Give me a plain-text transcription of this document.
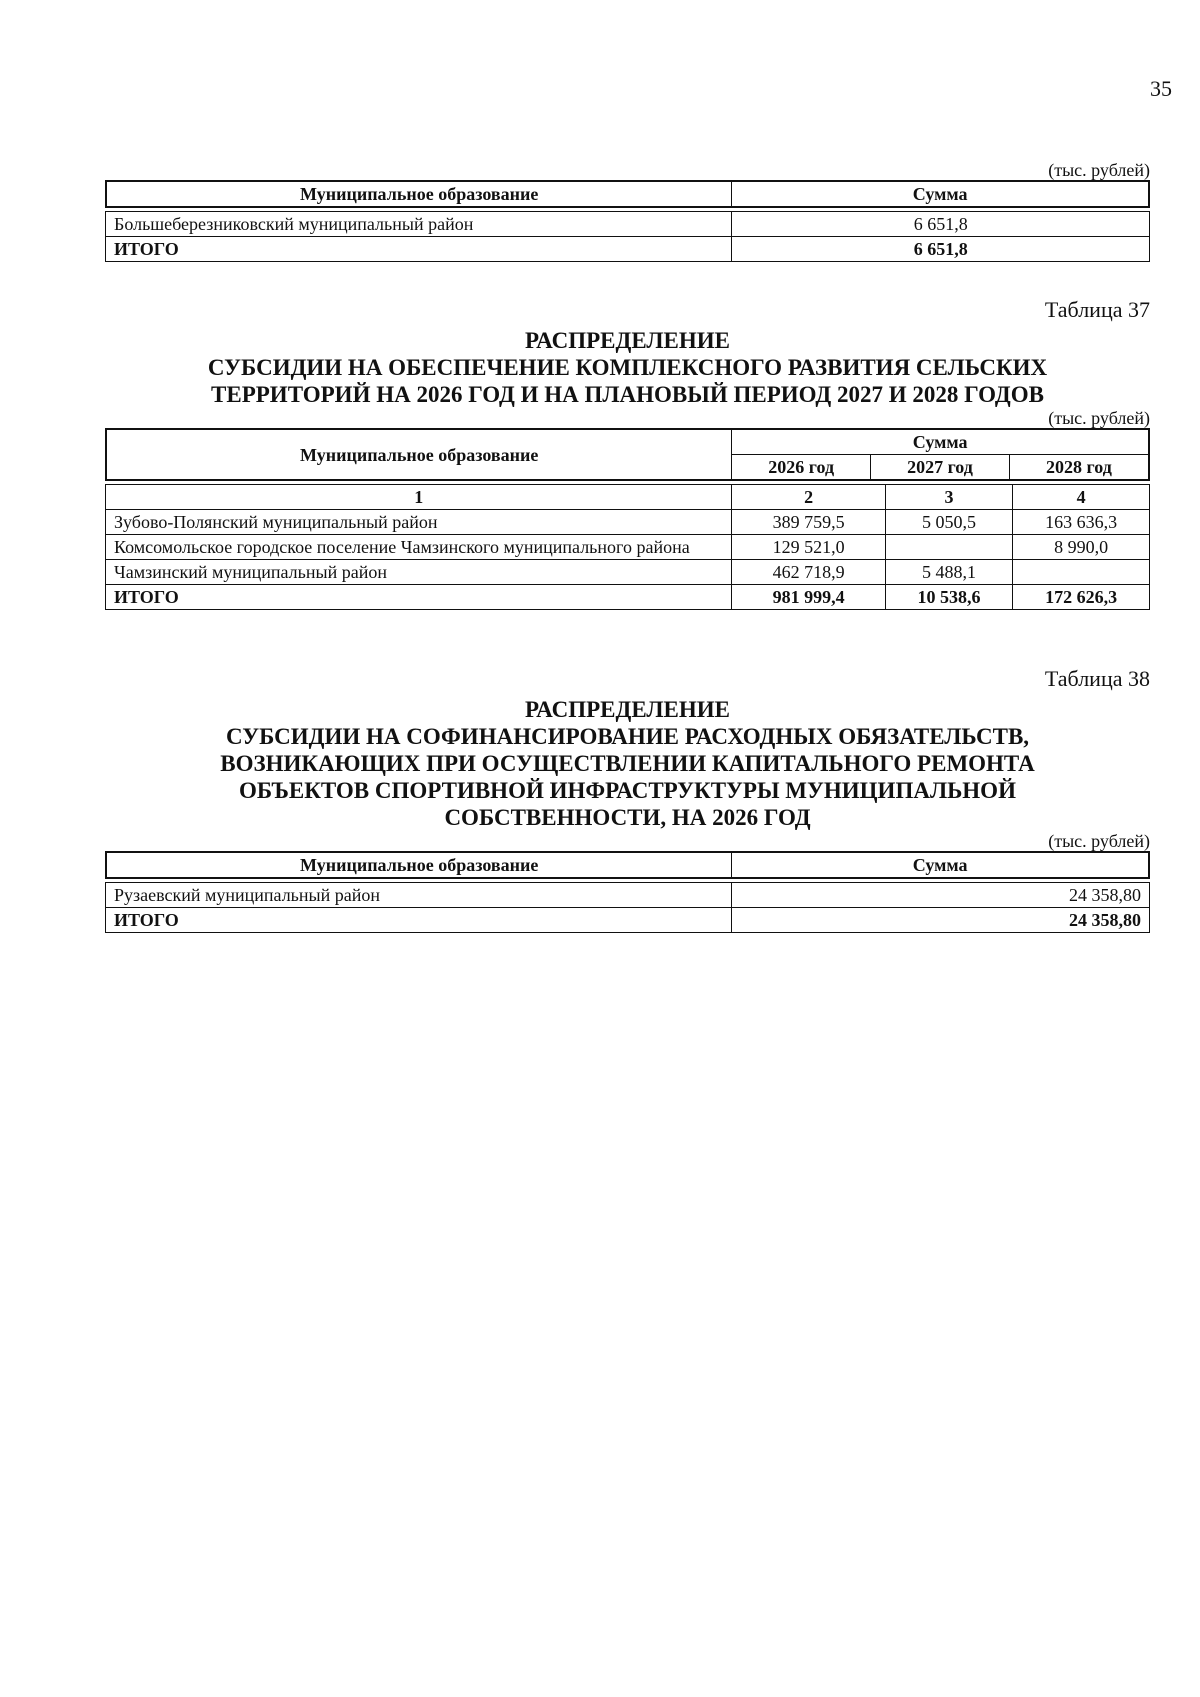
35
(тыс. рублей)
Муниципальное образование	Сумма
Большеберезниковский муниципальный район	6 651,8
ИТОГО	6 651,8
Таблица 37
РАСПРЕДЕЛЕНИЕ
СУБСИДИИ НА ОБЕСПЕЧЕНИЕ КОМПЛЕКСНОГО РАЗВИТИЯ СЕЛЬСКИХ
ТЕРРИТОРИЙ НА 2026 ГОД И НА ПЛАНОВЫЙ ПЕРИОД 2027 И 2028 ГОДОВ
(тыс. рублей)
Муниципальное образование	Сумма		
	2026 год	2027 год	2028 год
1	2	3	4
Зубово-Полянский муниципальный район	389 759,5	5 050,5	163 636,3
Комсомольское городское поселение Чамзинского муниципального района	129 521,0		8 990,0
Чамзинский муниципальный район	462 718,9	5 488,1	
ИТОГО	981 999,4	10 538,6	172 626,3
Таблица 38
РАСПРЕДЕЛЕНИЕ
СУБСИДИИ НА СОФИНАНСИРОВАНИЕ РАСХОДНЫХ ОБЯЗАТЕЛЬСТВ,
ВОЗНИКАЮЩИХ ПРИ ОСУЩЕСТВЛЕНИИ КАПИТАЛЬНОГО РЕМОНТА
ОБЪЕКТОВ СПОРТИВНОЙ ИНФРАСТРУКТУРЫ МУНИЦИПАЛЬНОЙ
СОБСТВЕННОСТИ, НА 2026 ГОД
(тыс. рублей)
Муниципальное образование	Сумма
Рузаевский муниципальный район	24 358,80
ИТОГО	24 358,80
